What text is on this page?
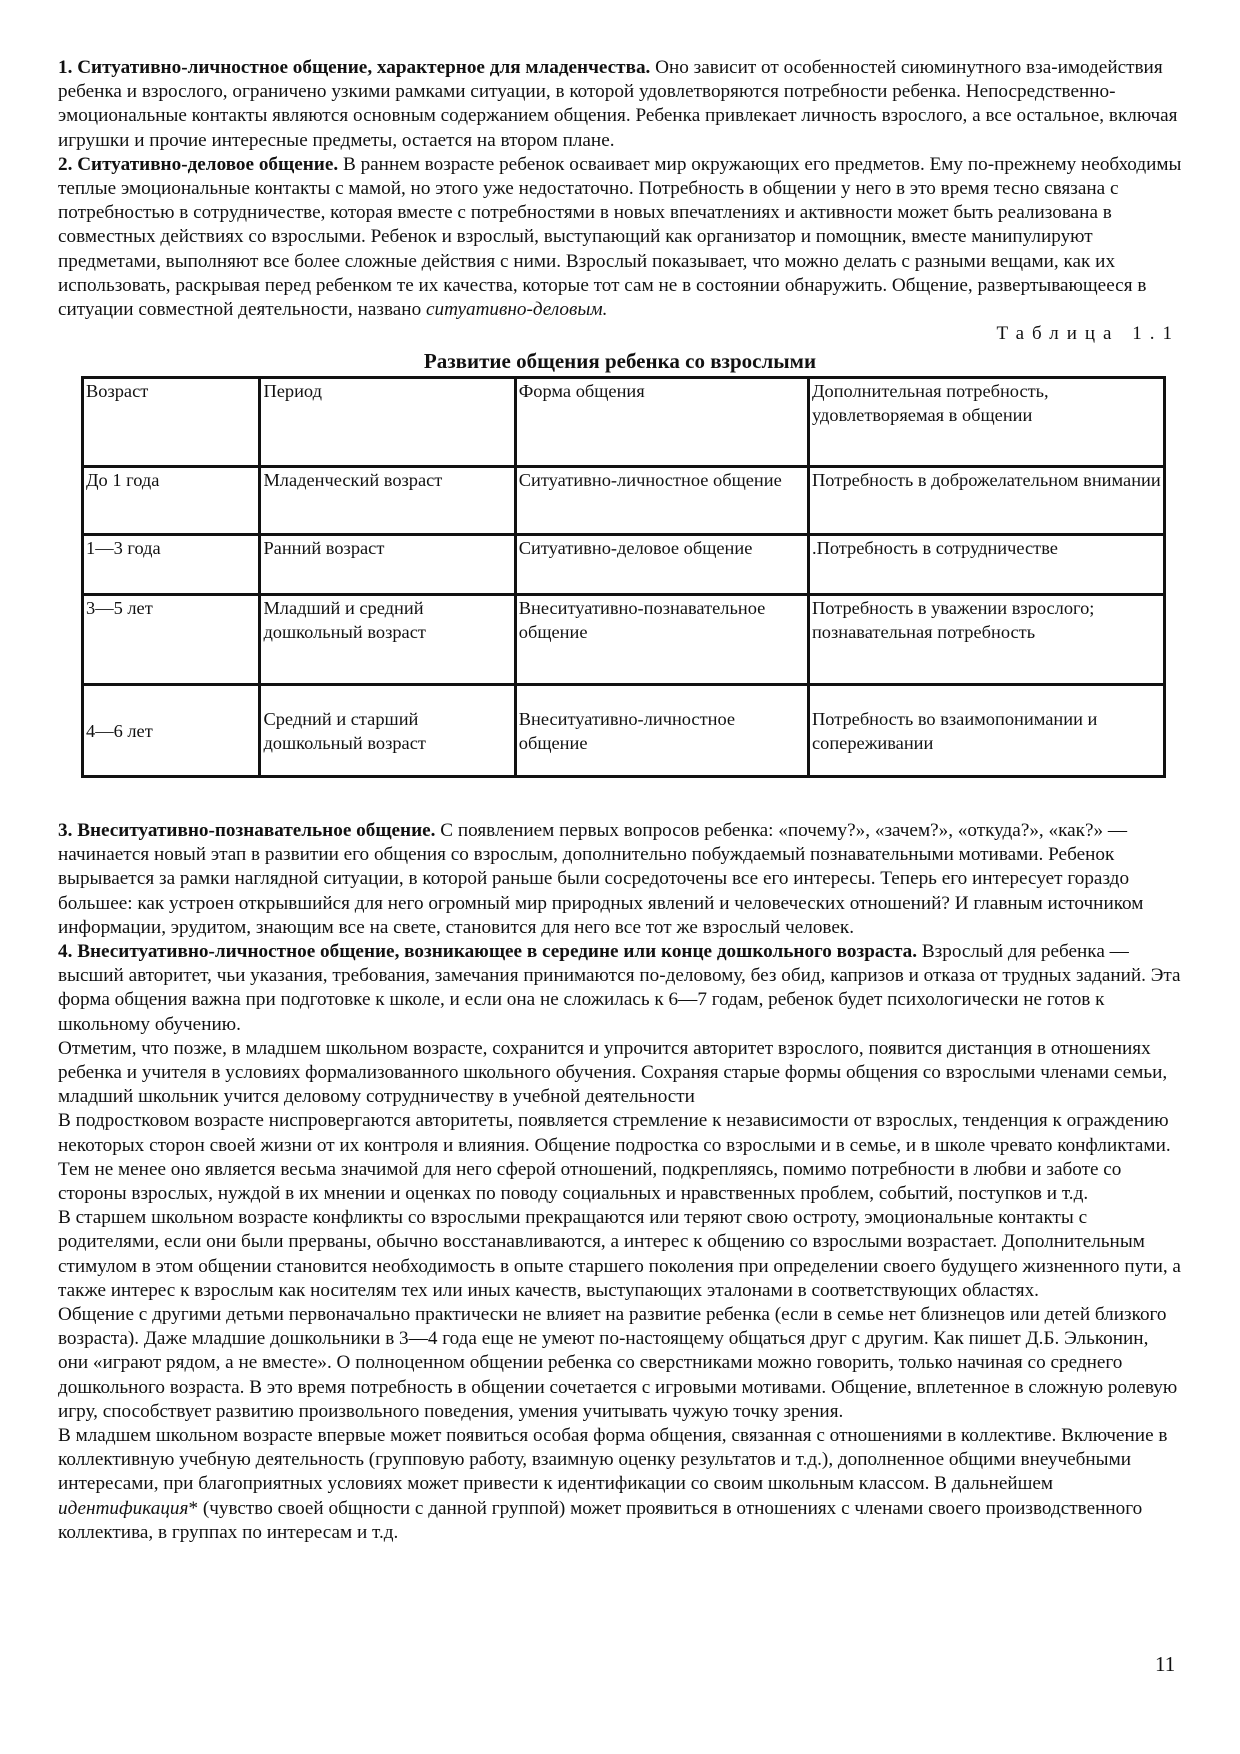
1. Ситуативно-личностное общение, характерное для младенчества. Оно зависит от особенностей сиюминутного вза-имодействия ребенка и взрослого, ограничено узкими рамками ситуации, в которой удовлетворяются потребности ребенка. Непосредственно-эмоциональные контакты являются основным содержанием общения. Ребенка привлекает личность взрослого, а все остальное, включая игрушки и прочие интересные предметы, остается на втором плане.

2. Ситуативно-деловое общение. В раннем возрасте ребенок осваивает мир окружающих его предметов. Ему по-прежнему необходимы теплые эмоциональные контакты с мамой, но этого уже недостаточно. Потребность в общении у него в это время тесно связана с потребностью в сотрудничестве, которая вместе с потребностями в новых впечатлениях и активности может быть реализована в совместных действиях со взрослыми. Ребенок и взрослый, выступающий как организатор и помощник, вместе манипулируют предметами, выполняют все более сложные действия с ними. Взрослый показывает, что можно делать с разными вещами, как их использовать, раскрывая перед ребенком те их качества, которые тот сам не в состоянии обнаружить. Общение, развертывающееся в ситуации совместной деятельности, названо ситуативно-деловым.

Таблица 1.1
Развитие общения ребенка со взрослыми
Возраст	Период	Форма общения	Дополнительная потребность, удовлетворяемая в общении
До 1 года	Младенческий возраст	Ситуативно-личностное общение	Потребность в доброжелательном внимании
1—3 года	Ранний возраст	Ситуативно-деловое общение	.Потребность в сотрудничестве
3—5 лет	Младший и средний дошкольный возраст	Внеситуативно-познавательное общение	Потребность в уважении взрослого; познавательная потребность
4—6 лет	Средний и старший дошкольный возраст	Внеситуативно-личностное общение	Потребность во взаимопонимании и сопереживании

3. Внеситуативно-познавательное общение. С появлением первых вопросов ребенка: «почему?», «зачем?», «откуда?», «как?» — начинается новый этап в развитии его общения со взрослым, дополнительно побуждаемый познавательными мотивами. Ребенок вырывается за рамки наглядной ситуации, в которой раньше были сосредоточены все его интересы. Теперь его интересует гораздо большее: как устроен открывшийся для него огромный мир природных явлений и человеческих отношений? И главным источником информации, эрудитом, знающим все на свете, становится для него все тот же взрослый человек.

4. Внеситуативно-личностное общение, возникающее в середине или конце дошкольного возраста. Взрослый для ребенка — высший авторитет, чьи указания, требования, замечания принимаются по-деловому, без обид, капризов и отказа от трудных заданий. Эта форма общения важна при подготовке к школе, и если она не сложилась к 6—7 годам, ребенок будет психологически не готов к школьному обучению.

Отметим, что позже, в младшем школьном возрасте, сохранится и упрочится авторитет взрослого, появится дистанция в отношениях ребенка и учителя в условиях формализованного школьного обучения. Сохраняя старые формы общения со взрослыми членами семьи, младший школьник учится деловому сотрудничеству в учебной деятельности

В подростковом возрасте ниспровергаются авторитеты, появляется стремление к независимости от взрослых, тенденция к ограждению некоторых сторон своей жизни от их контроля и влияния. Общение подростка со взрослыми и в семье, и в школе чревато конфликтами. Тем не менее оно является весьма значимой для него сферой отношений, подкрепляясь, помимо потребности в любви и заботе со стороны взрослых, нуждой в их мнении и оценках по поводу социальных и нравственных проблем, событий, поступков и т.д.

В старшем школьном возрасте конфликты со взрослыми прекращаются или теряют свою остроту, эмоциональные контакты с родителями, если они были прерваны, обычно восстанавливаются, а интерес к общению со взрослыми возрастает. Дополнительным стимулом в этом общении становится необходимость в опыте старшего поколения при определении своего будущего жизненного пути, а также интерес к взрослым как носителям тех или иных качеств, выступающих эталонами в соответствующих областях.

Общение с другими детьми первоначально практически не влияет на развитие ребенка (если в семье нет близнецов или детей близкого возраста). Даже младшие дошкольники в 3—4 года еще не умеют по-настоящему общаться друг с другим. Как пишет Д.Б. Эльконин, они «играют рядом, а не вместе». О полноценном общении ребенка со сверстниками можно говорить, только начиная со среднего дошкольного возраста. В это время потребность в общении сочетается с игровыми мотивами. Общение, вплетенное в сложную ролевую игру, способствует развитию произвольного поведения, умения учитывать чужую точку зрения.

В младшем школьном возрасте впервые может появиться особая форма общения, связанная с отношениями в коллективе. Включение в коллективную учебную деятельность (групповую работу, взаимную оценку результатов и т.д.), дополненное общими внеучебными интересами, при благоприятных условиях может привести к идентификации со своим школьным классом. В дальнейшем идентификация* (чувство своей общности с данной группой) может проявиться в отношениях с членами своего производственного коллектива, в группах по интересам и т.д.

11
